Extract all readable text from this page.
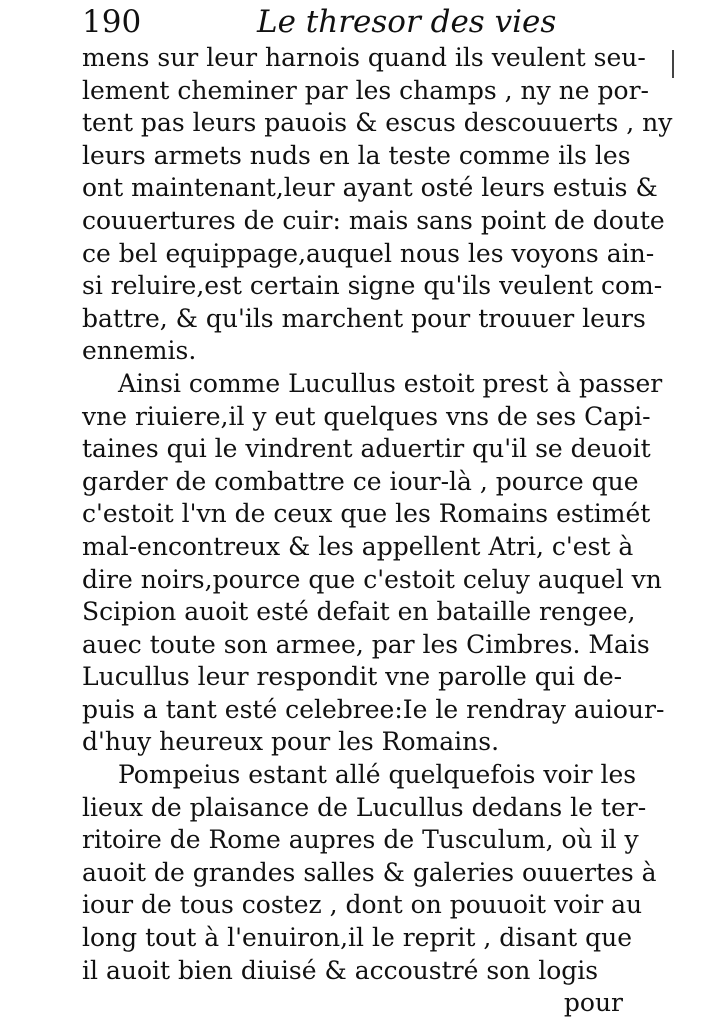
190	Le thresor des vies
mens sur leur harnois quand ils veulent seu-
lement cheminer par les champs , ny ne por-
tent pas leurs pauois & escus descouuerts , ny
leurs armets nuds en la teste comme ils les
ont maintenant,leur ayant osté leurs estuis &
couuertures de cuir: mais sans point de doute
ce bel equippage,auquel nous les voyons ain-
si reluire,est certain signe qu'ils veulent com-
battre, & qu'ils marchent pour trouuer leurs
ennemis.
Ainsi comme Lucullus estoit prest à passer
vne riuiere,il y eut quelques vns de ses Capi-
taines qui le vindrent aduertir qu'il se deuoit
garder de combattre ce iour-là , pource que
c'estoit l'vn de ceux que les Romains estimét
mal-encontreux & les appellent Atri, c'est à
dire noirs,pource que c'estoit celuy auquel vn
Scipion auoit esté defait en bataille rengee,
auec toute son armee, par les Cimbres. Mais
Lucullus leur respondit vne parolle qui de-
puis a tant esté celebree:Ie le rendray auiour-
d'huy heureux pour les Romains.
Pompeius estant allé quelquefois voir les
lieux de plaisance de Lucullus dedans le ter-
ritoire de Rome aupres de Tusculum, où il y
auoit de grandes salles & galeries ouuertes à
iour de tous costez , dont on pouuoit voir au
long tout à l'enuiron,il le reprit , disant que
il auoit bien diuisé & accoustré son logis
pour
